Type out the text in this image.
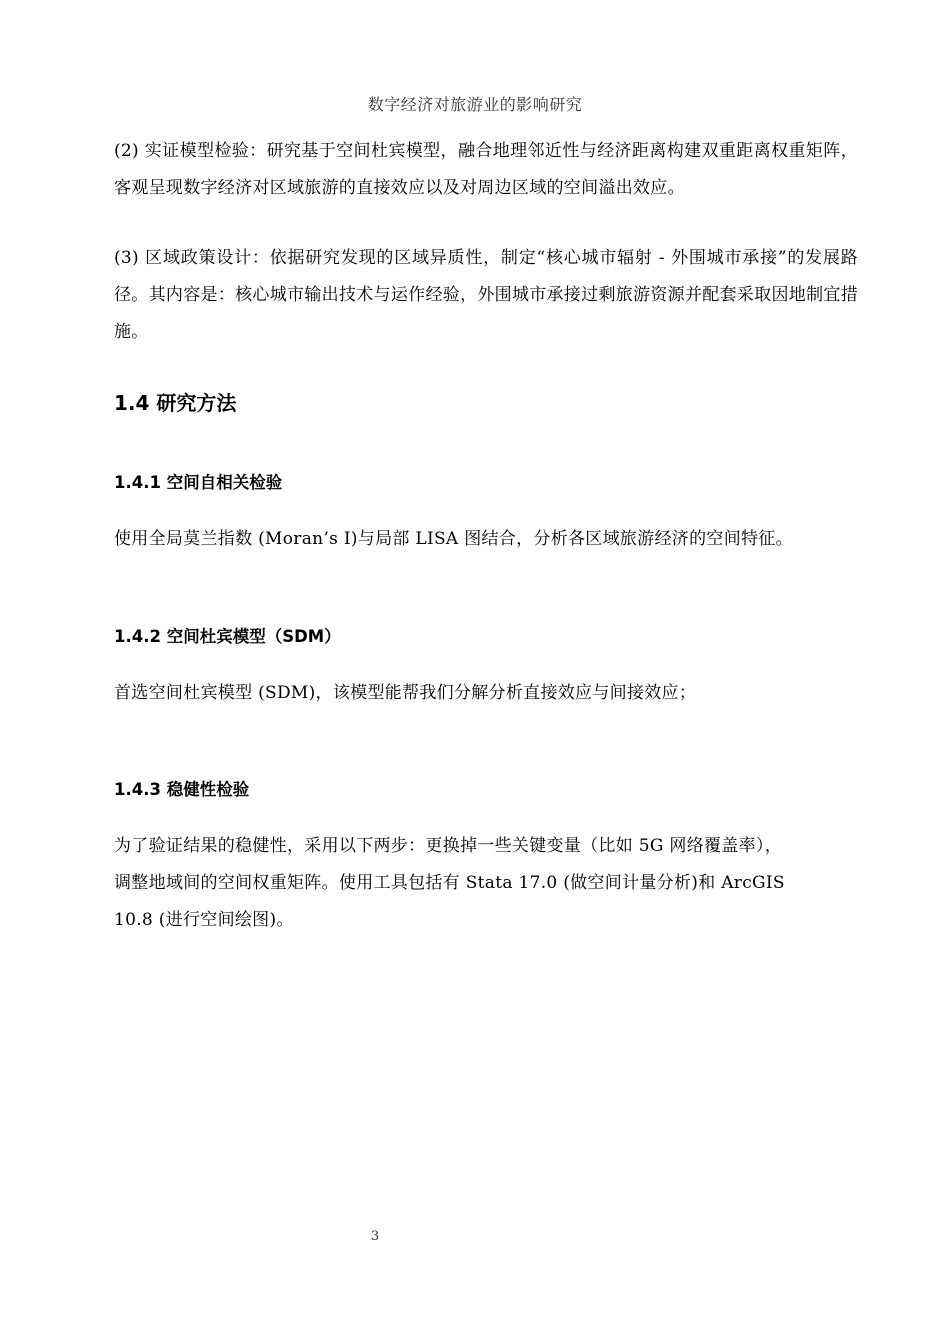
数字经济对旅游业的影响研究
(2) 实证模型检验：研究基于空间杜宾模型，融合地理邻近性与经济距离构建双重距离权重矩阵，客观呈现数字经济对区域旅游的直接效应以及对周边区域的空间溢出效应。
(3) 区域政策设计：依据研究发现的区域异质性，制定“核心城市辐射 - 外围城市承接”的发展路径。其内容是：核心城市输出技术与运作经验，外围城市承接过剩旅游资源并配套采取因地制宜措施。
1.4 研究方法
1.4.1 空间自相关检验
使用全局莫兰指数 (Moran’s I)与局部 LISA 图结合，分析各区域旅游经济的空间特征。
1.4.2 空间杜宾模型（SDM）
首选空间杜宾模型 (SDM)，该模型能帮我们分解分析直接效应与间接效应；
1.4.3 稳健性检验
为了验证结果的稳健性，采用以下两步：更换掉一些关键变量（比如 5G 网络覆盖率），
调整地域间的空间权重矩阵。使用工具包括有 Stata 17.0 (做空间计量分析)和 ArcGIS
10.8 (进行空间绘图)。
3
